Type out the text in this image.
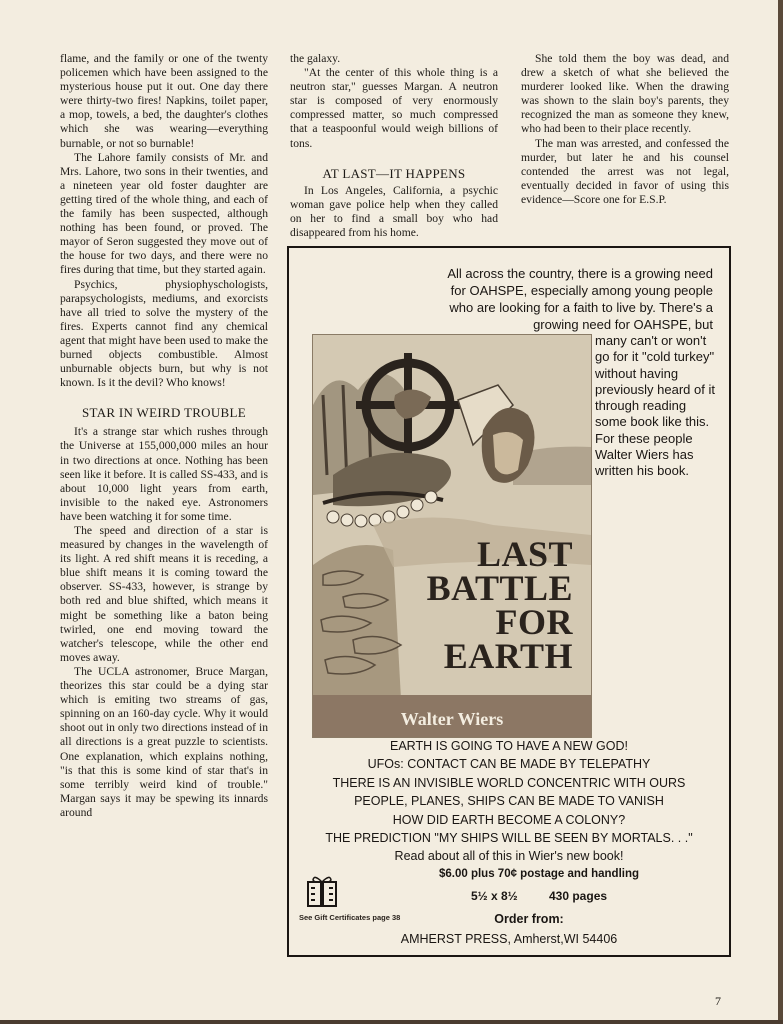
flame, and the family or one of the twenty policemen which have been assigned to the mysterious house put it out. One day there were thirty-two fires! Napkins, toilet paper, a mop, towels, a bed, the daughter's clothes which she was wearing—everything burnable, or not so burnable!

The Lahore family consists of Mr. and Mrs. Lahore, two sons in their twenties, and a nineteen year old foster daughter are getting tired of the whole thing, and each of the family has been suspected, although nothing has been found, or proved. The mayor of Seron suggested they move out of the house for two days, and there were no fires during that time, but they started again.

Psychics, physiophyschologists, parapsychologists, mediums, and exorcists have all tried to solve the mystery of the fires. Experts cannot find any chemical agent that might have been used to make the burned objects combustible. Almost unburnable objects burn, but why is not known. Is it the devil? Who knows!

STAR IN WEIRD TROUBLE

It's a strange star which rushes through the Universe at 155,000,000 miles an hour in two directions at once. Nothing has been seen like it before. It is called SS-433, and is about 10,000 light years from earth, invisible to the naked eye. Astronomers have been watching it for some time.

The speed and direction of a star is measured by changes in the wavelength of its light. A red shift means it is receding, a blue shift means it is coming toward the observer. SS-433, however, is strange by both red and blue shifted, which means it might be something like a baton being twirled, one end moving toward the watcher's telescope, while the other end moves away.

The UCLA astronomer, Bruce Margan, theorizes this star could be a dying star which is emiting two streams of gas, spinning on an 160-day cycle. Why it would shoot out in only two directions instead of in all directions is a great puzzle to scientists. One explanation, which explains nothing, "is that this is some kind of star that's in some terribly weird kind of trouble." Margan says it may be spewing its innards around

the galaxy.

"At the center of this whole thing is a neutron star," guesses Margan. A neutron star is composed of very enormously compressed matter, so much compressed that a teaspoonful would weigh billions of tons.

AT LAST—IT HAPPENS

In Los Angeles, California, a psychic woman gave police help when they called on her to find a small boy who had disappeared from his home.

She told them the boy was dead, and drew a sketch of what she believed the murderer looked like. When the drawing was shown to the slain boy's parents, they recognized the man as someone they knew, who had been to their place recently.

The man was arrested, and confessed the murder, but later he and his counsel contended the arrest was not legal, eventually decided in favor of using this evidence—Score one for E.S.P.

All across the country, there is a growing need for OAHSPE, especially among young people who are looking for a faith to live by. There's a growing need for OAHSPE, but
many can't or won't go for it "cold turkey" without having previously heard of it through reading some book like this. For these people Walter Wiers has written his book.
LAST
BATTLE
FOR
EARTH
Walter Wiers
EARTH IS GOING TO HAVE A NEW GOD!
UFOs: CONTACT CAN BE MADE BY TELEPATHY
THERE IS AN INVISIBLE WORLD CONCENTRIC WITH OURS
PEOPLE, PLANES, SHIPS CAN BE MADE TO VANISH
HOW DID EARTH BECOME A COLONY?
THE PREDICTION "MY SHIPS WILL BE SEEN BY MORTALS. . ."
Read about all of this in Wier's new book!
$6.00 plus 70¢ postage and handling
5½ x 8½	430 pages
See Gift Certificates page 38	Order from:
AMHERST PRESS, Amherst,WI 54406
7
